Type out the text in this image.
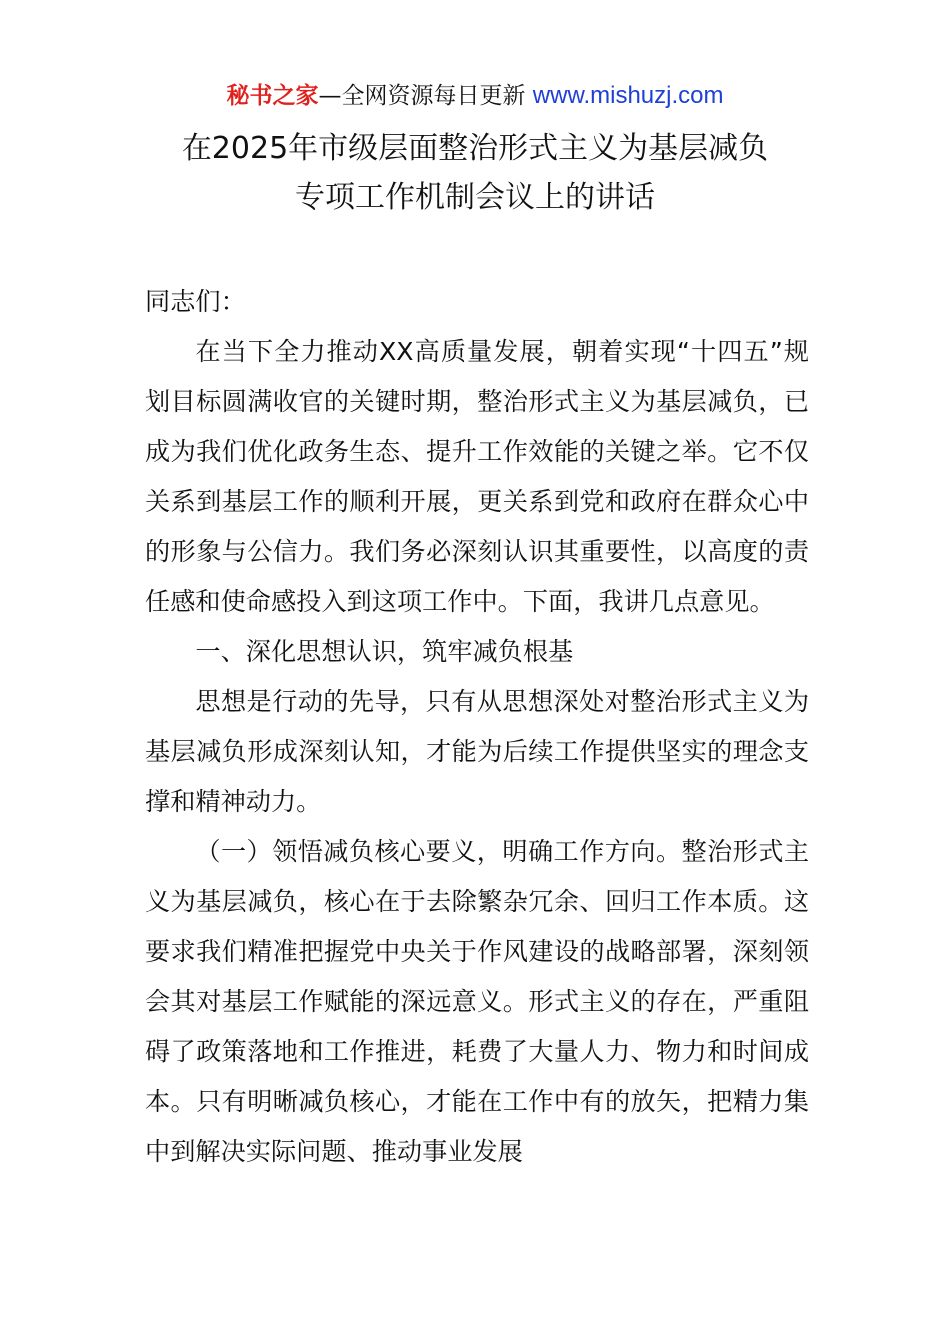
秘书之家—全网资源每日更新 www.mishuzj.com
在2025年市级层面整治形式主义为基层减负
专项工作机制会议上的讲话

同志们：

在当下全力推动XX高质量发展，朝着实现“十四五”规划目标圆满收官的关键时期，整治形式主义为基层减负，已成为我们优化政务生态、提升工作效能的关键之举。它不仅关系到基层工作的顺利开展，更关系到党和政府在群众心中的形象与公信力。我们务必深刻认识其重要性，以高度的责任感和使命感投入到这项工作中。下面，我讲几点意见。

一、深化思想认识，筑牢减负根基

思想是行动的先导，只有从思想深处对整治形式主义为基层减负形成深刻认知，才能为后续工作提供坚实的理念支撑和精神动力。

（一）领悟减负核心要义，明确工作方向。整治形式主义为基层减负，核心在于去除繁杂冗余、回归工作本质。这要求我们精准把握党中央关于作风建设的战略部署，深刻领会其对基层工作赋能的深远意义。形式主义的存在，严重阻碍了政策落地和工作推进，耗费了大量人力、物力和时间成本。只有明晰减负核心，才能在工作中有的放矢，把精力集中到解决实际问题、推动事业发展
